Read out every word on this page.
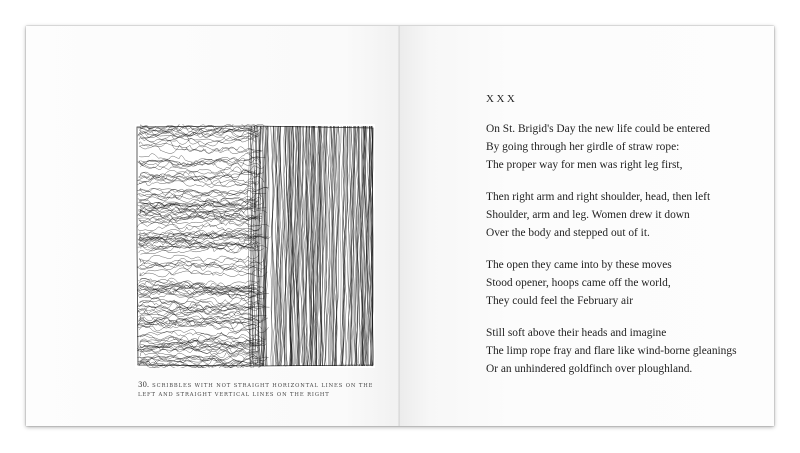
30. SCRIBBLES WITH NOT STRAIGHT HORIZONTAL LINES ON THE LEFT AND STRAIGHT VERTICAL LINES ON THE RIGHT
XXX
On St. Brigid's Day the new life could be entered
By going through her girdle of straw rope:
The proper way for men was right leg first,
Then right arm and right shoulder, head, then left
Shoulder, arm and leg. Women drew it down
Over the body and stepped out of it.
The open they came into by these moves
Stood opener, hoops came off the world,
They could feel the February air
Still soft above their heads and imagine
The limp rope fray and flare like wind-borne gleanings
Or an unhindered goldfinch over ploughland.
